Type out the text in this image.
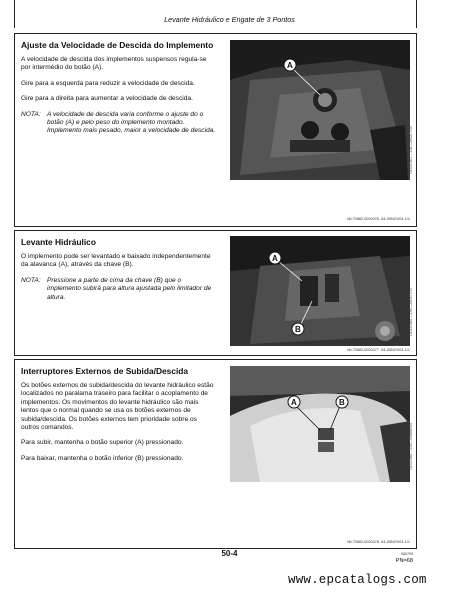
Levante Hidráulico e Engate de 3 Pontos
Ajuste da Velocidade de Descida do Implemento

A velocidade de descida dos implementos suspensos regula-se por intermédio do botão (A).

Gire para a esquerda para reduzir a velocidade de descida.

Gire para a direita para aumentar a velocidade de descida.

NOTA: A velocidade de descida varia conforme o ajuste do o botão (A) e pelo peso do implemento montado. Implemento mais pesado, maior a velocidade de descida.
A
OUO1081 —UN—28OCT04
ML70882,0000476 -54-05NOV04-1/1
Levante Hidráulico

O implemento pode ser levantado e baixado independentemente da alavanca (A), através da chave (B).

NOTA: Pressione a parte de cima da chave (B) que o implemento subirá para altura ajustada pelo limitador de altura.
A
B	OUO1085 —UN—28OCT04
ML70882,0000477 -54-05NOV04-1/1
Interruptores Externos de Subida/Descida

Os botões externos de subida/descida do levante hidráulico estão localizados no paralama traseiro para facilitar o acoplamento de implementos. Os movimentos do levante hidráulico são mais lentos que o normal quando se usa os botões externos de subida/descida. Os botões externos tem prioridade sobre os outros comandos.

Para subir, mantenha o botão superior (A) pressionado.

Para baixar, mantenha o botão inferior (B) pressionado.

A	B
OU21986 —UN—05MAR05
ML70882,0000478 -54-05NOV04-1/1
50-4	080709
PN=68
www.epcatalogs.com
